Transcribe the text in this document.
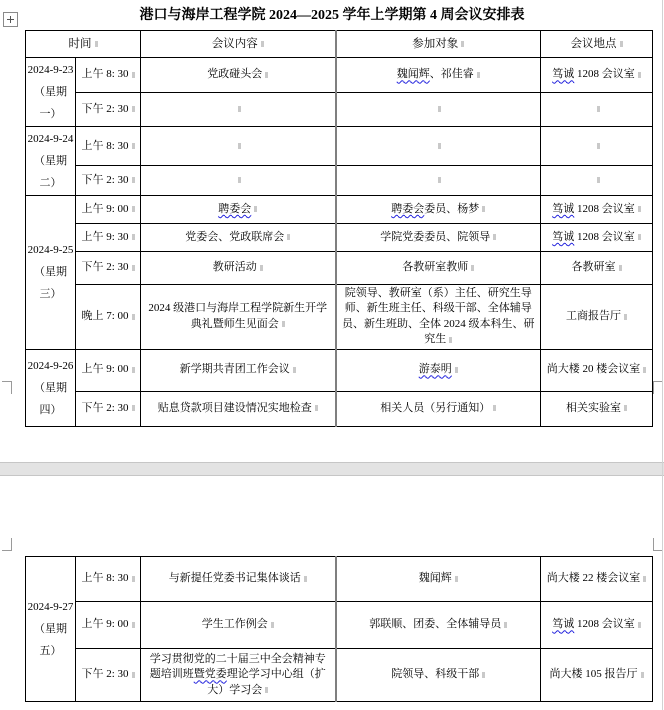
港口与海岸工程学院 2024—2025 学年上学期第 4 周会议安排表
时间		会议内容	参加对象	会议地点

2024-9-23
（星期一）	上午 8: 30	党政碰头会	魏闻辉、祁佳睿	笃诚 1208 会议室
	下午 2: 30			

2024-9-24
（星期二）	上午 8: 30			
	下午 2: 30			

2024-9-25
（星期三）	上午 9: 00	聘委会	聘委会委员、杨梦	笃诚 1208 会议室
	上午 9: 30	党委会、党政联席会	学院党委委员、院领导	笃诚 1208 会议室
	下午 2: 30	教研活动	各教研室教师	各教研室
	晚上 7: 00	2024 级港口与海岸工程学院新生开学典礼暨师生见面会	院领导、教研室（系）主任、研究生导师、新生班主任、科级干部、全体辅导员、新生班助、全体 2024 级本科生、研究生	工商报告厅

2024-9-26
（星期四）	上午 9: 00	新学期共青团工作会议	游泰明	尚大楼 20 楼会议室
	下午 2: 30	贴息贷款项目建设情况实地检查	相关人员（另行通知）	相关实验室
2024-9-27
（星期五）	上午 8: 30	与新提任党委书记集体谈话	魏闻辉	尚大楼 22 楼会议室
	上午 9: 00	学生工作例会	郭联顺、团委、全体辅导员	笃诚 1208 会议室
	下午 2: 30	学习贯彻党的二十届三中全会精神专题培训班暨党委理论学习中心组（扩大）学习会	院领导、科级干部	尚大楼 105 报告厅
